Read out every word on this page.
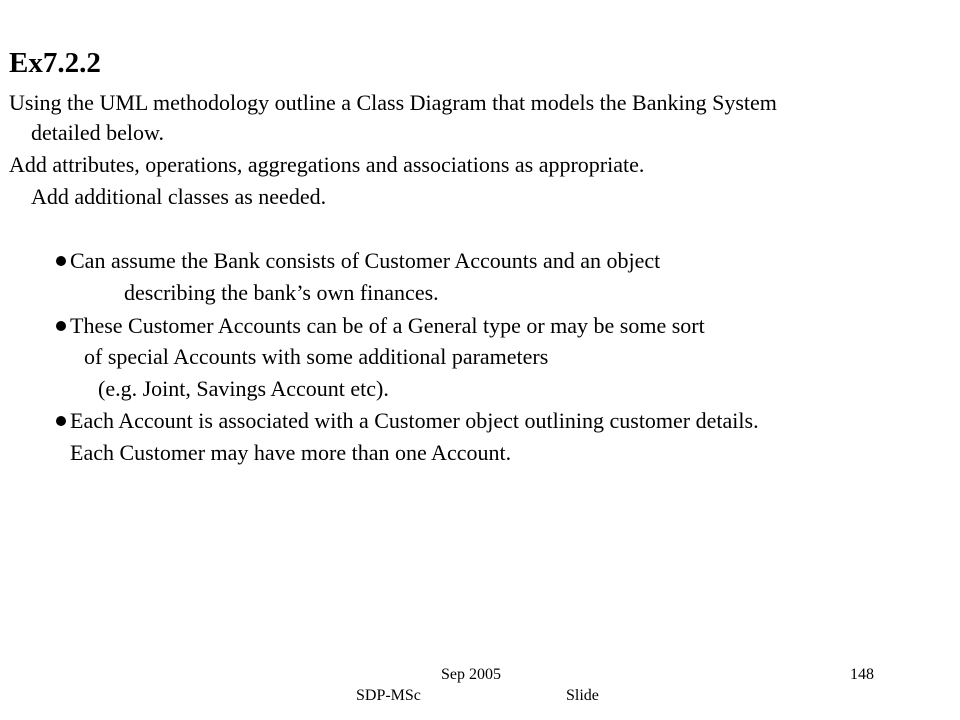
Ex7.2.2
Using the UML methodology outline a Class Diagram that models the Banking System
detailed below.
Add attributes, operations, aggregations and associations as appropriate.
Add additional classes as needed.
Can assume the Bank consists of Customer Accounts and an object
describing the bank’s own finances.
These Customer Accounts can be of a General type or may be some sort
of special Accounts with some additional parameters
(e.g. Joint, Savings Account etc).
Each Account is associated with a Customer object outlining customer details.
Each Customer may have more than one Account.
Sep 2005	148
SDP-MSc	Slide
